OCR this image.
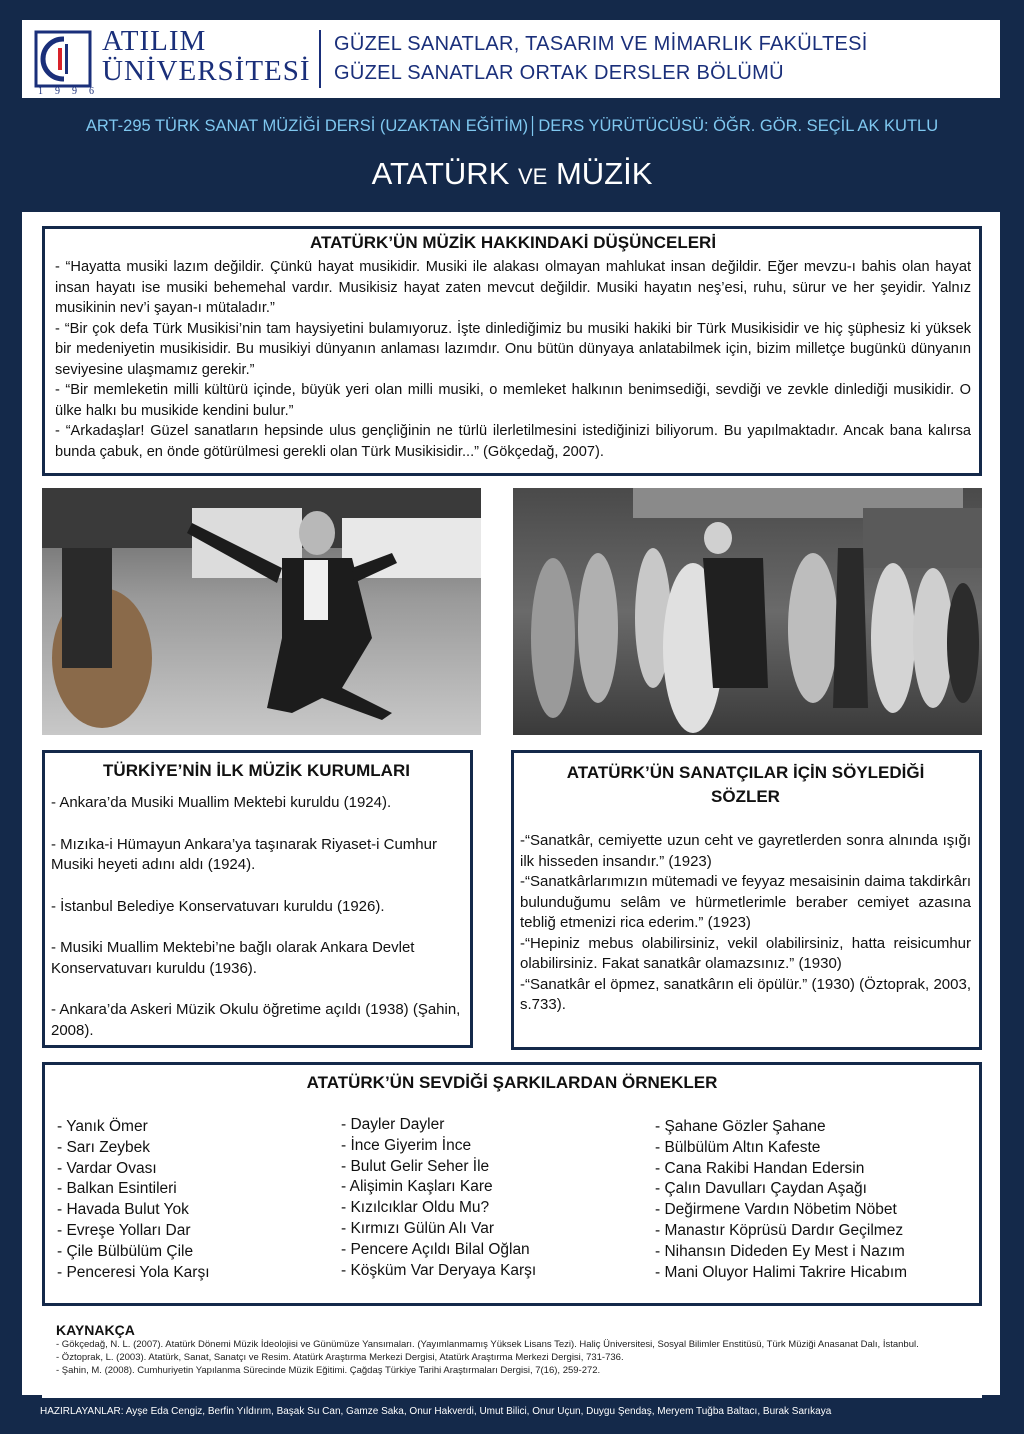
ATILIM
ÜNİVERSİTESİ
1996
GÜZEL SANATLAR, TASARIM VE MİMARLIK FAKÜLTESİ
GÜZEL SANATLAR ORTAK DERSLER BÖLÜMÜ
ART-295 TÜRK SANAT MÜZİĞİ DERSİ (UZAKTAN EĞİTİM)│DERS YÜRÜTÜCÜSÜ: ÖĞR. GÖR. SEÇİL AK KUTLU
ATATÜRK VE MÜZİK
ATATÜRK’ÜN MÜZİK HAKKINDAKİ DÜŞÜNCELERİ

- “Hayatta musiki lazım değildir. Çünkü hayat musikidir. Musiki ile alakası olmayan mahlukat insan değildir. Eğer mevzu-ı bahis olan hayat insan hayatı ise musiki behemehal vardır. Musikisiz hayat zaten mevcut değildir. Musiki hayatın neş’esi, ruhu, sürur ve her şeyidir. Yalnız musikinin nev’i şayan-ı mütaladır.”

- “Bir çok defa Türk Musikisi’nin tam haysiyetini bulamıyoruz. İşte dinlediğimiz bu musiki hakiki bir Türk Musikisidir ve hiç şüphesiz ki yüksek bir medeniyetin musikisidir. Bu musikiyi dünyanın anlaması lazımdır. Onu bütün dünyaya anlatabilmek için, bizim milletçe bugünkü dünyanın seviyesine ulaşmamız gerekir.”

- “Bir memleketin milli kültürü içinde, büyük yeri olan milli musiki, o memleket halkının benimsediği, sevdiği ve zevkle dinlediği musikidir. O ülke halkı bu musikide kendini bulur.”

- “Arkadaşlar! Güzel sanatların hepsinde ulus gençliğinin ne türlü ilerletilmesini istediğinizi biliyorum. Bu yapılmaktadır. Ancak bana kalırsa bunda çabuk, en önde götürülmesi gerekli olan Türk Musikisidir...” (Gökçedağ, 2007).

TÜRKİYE’NİN İLK MÜZİK KURUMLARI

- Ankara’da Musiki Muallim Mektebi kuruldu (1924).

- Mızıka-i Hümayun Ankara’ya taşınarak Riyaset-i Cumhur Musiki heyeti adını aldı (1924).

- İstanbul Belediye Konservatuvarı kuruldu (1926).

- Musiki Muallim Mektebi’ne bağlı olarak Ankara Devlet Konservatuvarı kuruldu (1936).

- Ankara’da Askeri Müzik Okulu öğretime açıldı (1938) (Şahin, 2008).

ATATÜRK’ÜN SANATÇILAR İÇİN SÖYLEDİĞİ SÖZLER

-“Sanatkâr, cemiyette uzun ceht ve gayretlerden sonra alnında ışığı ilk hisseden insandır.” (1923)

-“Sanatkârlarımızın mütemadi ve feyyaz mesaisinin daima takdirkârı bulunduğumu selâm ve hürmetlerimle beraber cemiyet azasına tebliğ etmenizi rica ederim.” (1923)

-“Hepiniz mebus olabilirsiniz, vekil olabilirsiniz, hatta reisicumhur olabilirsiniz. Fakat sanatkâr olamazsınız.” (1930)

-“Sanatkâr el öpmez, sanatkârın eli öpülür.” (1930) (Öztoprak, 2003, s.733).

ATATÜRK’ÜN SEVDİĞİ ŞARKILARDAN ÖRNEKLER
- Yanık Ömer
- Sarı Zeybek
- Vardar Ovası
- Balkan Esintileri
- Havada Bulut Yok
- Evreşe Yolları Dar
- Çile Bülbülüm Çile
- Penceresi Yola Karşı
- Dayler Dayler
- İnce Giyerim İnce
- Bulut Gelir Seher İle
- Alişimin Kaşları Kare
- Kızılcıklar Oldu Mu?
- Kırmızı Gülün Alı Var
- Pencere Açıldı Bilal Oğlan
- Köşküm Var Deryaya Karşı
- Şahane Gözler Şahane
- Bülbülüm Altın Kafeste
- Cana Rakibi Handan Edersin
- Çalın Davulları Çaydan Aşağı
- Değirmene Vardın Nöbetim Nöbet
- Manastır Köprüsü Dardır Geçilmez
- Nihansın Dideden Ey Mest i Nazım
- Mani Oluyor Halimi Takrire Hicabım
KAYNAKÇA
- Gökçedağ, N. L. (2007). Atatürk Dönemi Müzik İdeolojisi ve Günümüze Yansımaları. (Yayımlanmamış Yüksek Lisans Tezi). Haliç Üniversitesi, Sosyal Bilimler Enstitüsü, Türk Müziği Anasanat Dalı, İstanbul.
- Öztoprak, L. (2003). Atatürk, Sanat, Sanatçı ve Resim. Atatürk Araştırma Merkezi Dergisi, Atatürk Araştırma Merkezi Dergisi, 731-736.
- Şahin, M. (2008). Cumhuriyetin Yapılanma Sürecinde Müzik Eğitimi. Çağdaş Türkiye Tarihi Araştırmaları Dergisi, 7(16), 259-272.
HAZIRLAYANLAR: Ayşe Eda Cengiz, Berfin Yıldırım, Başak Su Can, Gamze Saka, Onur Hakverdi, Umut Bilici, Onur Uçun, Duygu Şendaş, Meryem Tuğba Baltacı, Burak Sarıkaya
